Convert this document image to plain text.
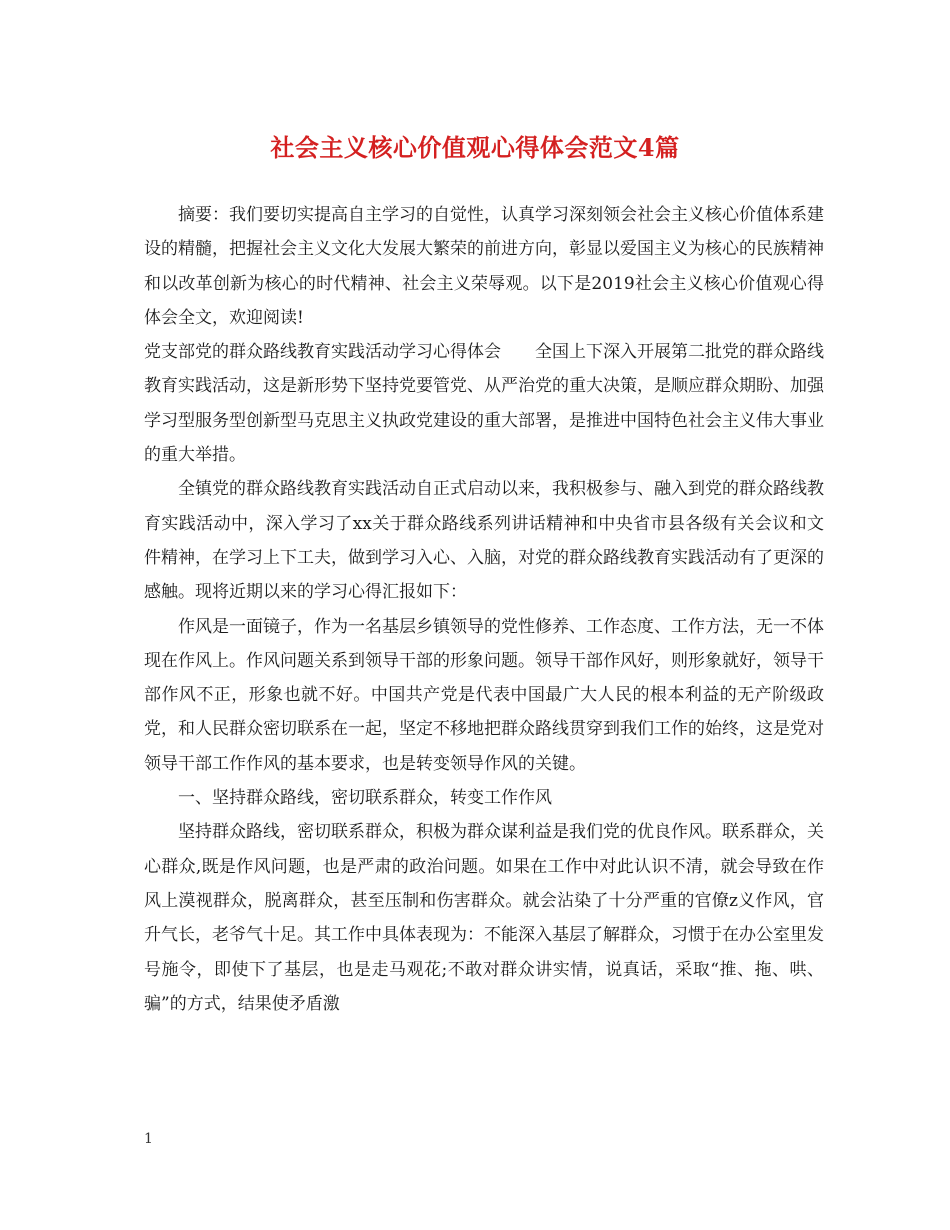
社会主义核心价值观心得体会范文4篇

摘要：我们要切实提高自主学习的自觉性，认真学习深刻领会社会主义核心价值体系建设的精髓，把握社会主义文化大发展大繁荣的前进方向，彰显以爱国主义为核心的民族精神和以改革创新为核心的时代精神、社会主义荣辱观。以下是2019社会主义核心价值观心得体会全文，欢迎阅读!

党支部党的群众路线教育实践活动学习心得体会　　全国上下深入开展第二批党的群众路线教育实践活动，这是新形势下坚持党要管党、从严治党的重大决策，是顺应群众期盼、加强学习型服务型创新型马克思主义执政党建设的重大部署，是推进中国特色社会主义伟大事业的重大举措。

全镇党的群众路线教育实践活动自正式启动以来，我积极参与、融入到党的群众路线教育实践活动中，深入学习了xx关于群众路线系列讲话精神和中央省市县各级有关会议和文件精神，在学习上下工夫，做到学习入心、入脑，对党的群众路线教育实践活动有了更深的感触。现将近期以来的学习心得汇报如下：

作风是一面镜子，作为一名基层乡镇领导的党性修养、工作态度、工作方法，无一不体现在作风上。作风问题关系到领导干部的形象问题。领导干部作风好，则形象就好，领导干部作风不正，形象也就不好。中国共产党是代表中国最广大人民的根本利益的无产阶级政党，和人民群众密切联系在一起，坚定不移地把群众路线贯穿到我们工作的始终，这是党对领导干部工作作风的基本要求，也是转变领导作风的关键。

一、坚持群众路线，密切联系群众，转变工作作风

坚持群众路线，密切联系群众，积极为群众谋利益是我们党的优良作风。联系群众，关心群众,既是作风问题，也是严肃的政治问题。如果在工作中对此认识不清，就会导致在作风上漠视群众，脱离群众，甚至压制和伤害群众。就会沾染了十分严重的官僚z义作风，官升气长，老爷气十足。其工作中具体表现为：不能深入基层了解群众，习惯于在办公室里发号施令，即使下了基层，也是走马观花;不敢对群众讲实情，说真话，采取“推、拖、哄、骗”的方式，结果使矛盾激

1
